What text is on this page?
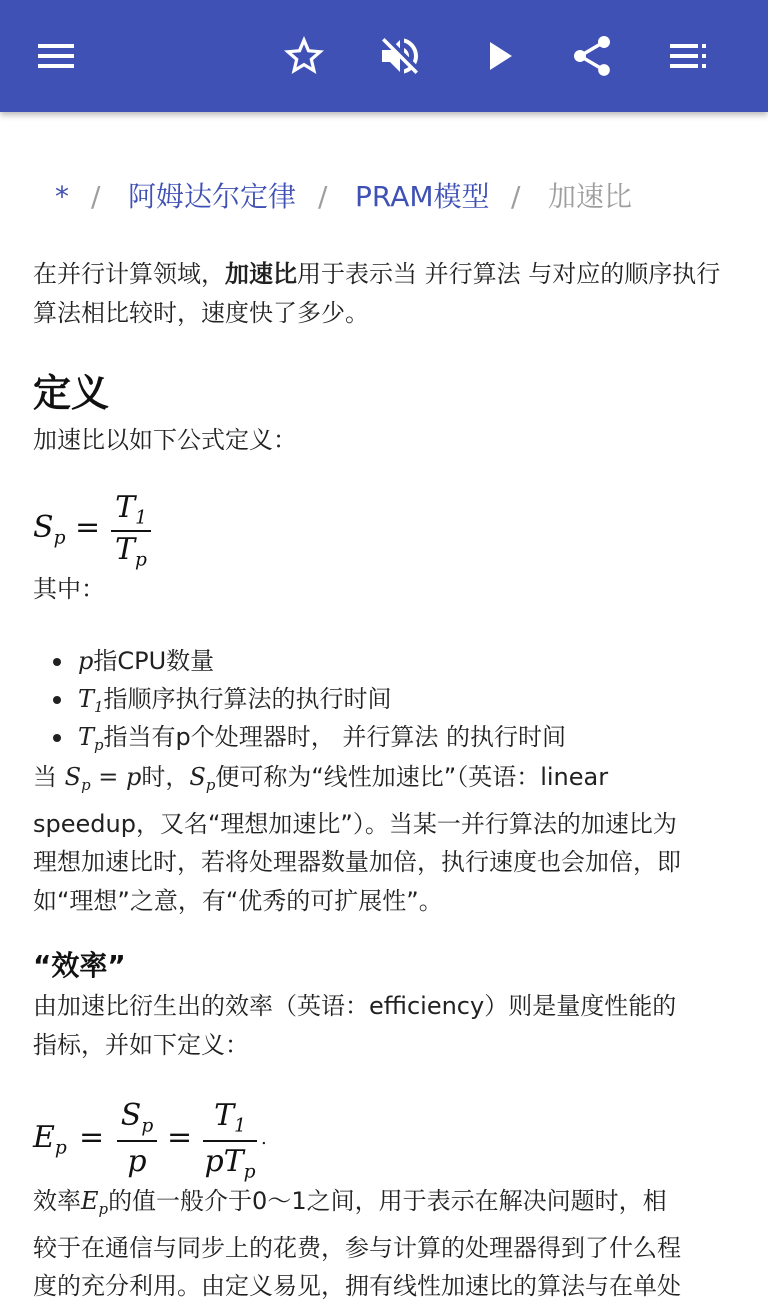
* / 阿姆达尔定律 / PRAM模型 / 加速比

在并行计算领域，加速比用于表示当 并行算法 与对应的顺序执行算法相比较时，速度快了多少。

定义

加速比以如下公式定义：

$S_p$ =
$T_1$
$T_p$

其中：

p指CPU数量
$T_1$指顺序执行算法的执行时间
$T_p$指当有p个处理器时， 并行算法 的执行时间
当 $S_p = p$时，$S_p$便可称为“线性加速比”（英语：linear
speedup，又名“理想加速比”）。当某一并行算法的加速比为
理想加速比时，若将处理器数量加倍，执行速度也会加倍，即
如“理想”之意，有“优秀的可扩展性”。
“效率”
由加速比衍生出的效率（英语：efficiency）则是量度性能的
指标，并如下定义：
$E_p$ =
$S_p$
p
=
$T_1$
$pT_p$
.
效率$E_p$的值一般介于0～1之间，用于表示在解决问题时，相
较于在通信与同步上的花费，参与计算的处理器得到了什么程
度的充分利用。由定义易见，拥有线性加速比的算法与在单处
